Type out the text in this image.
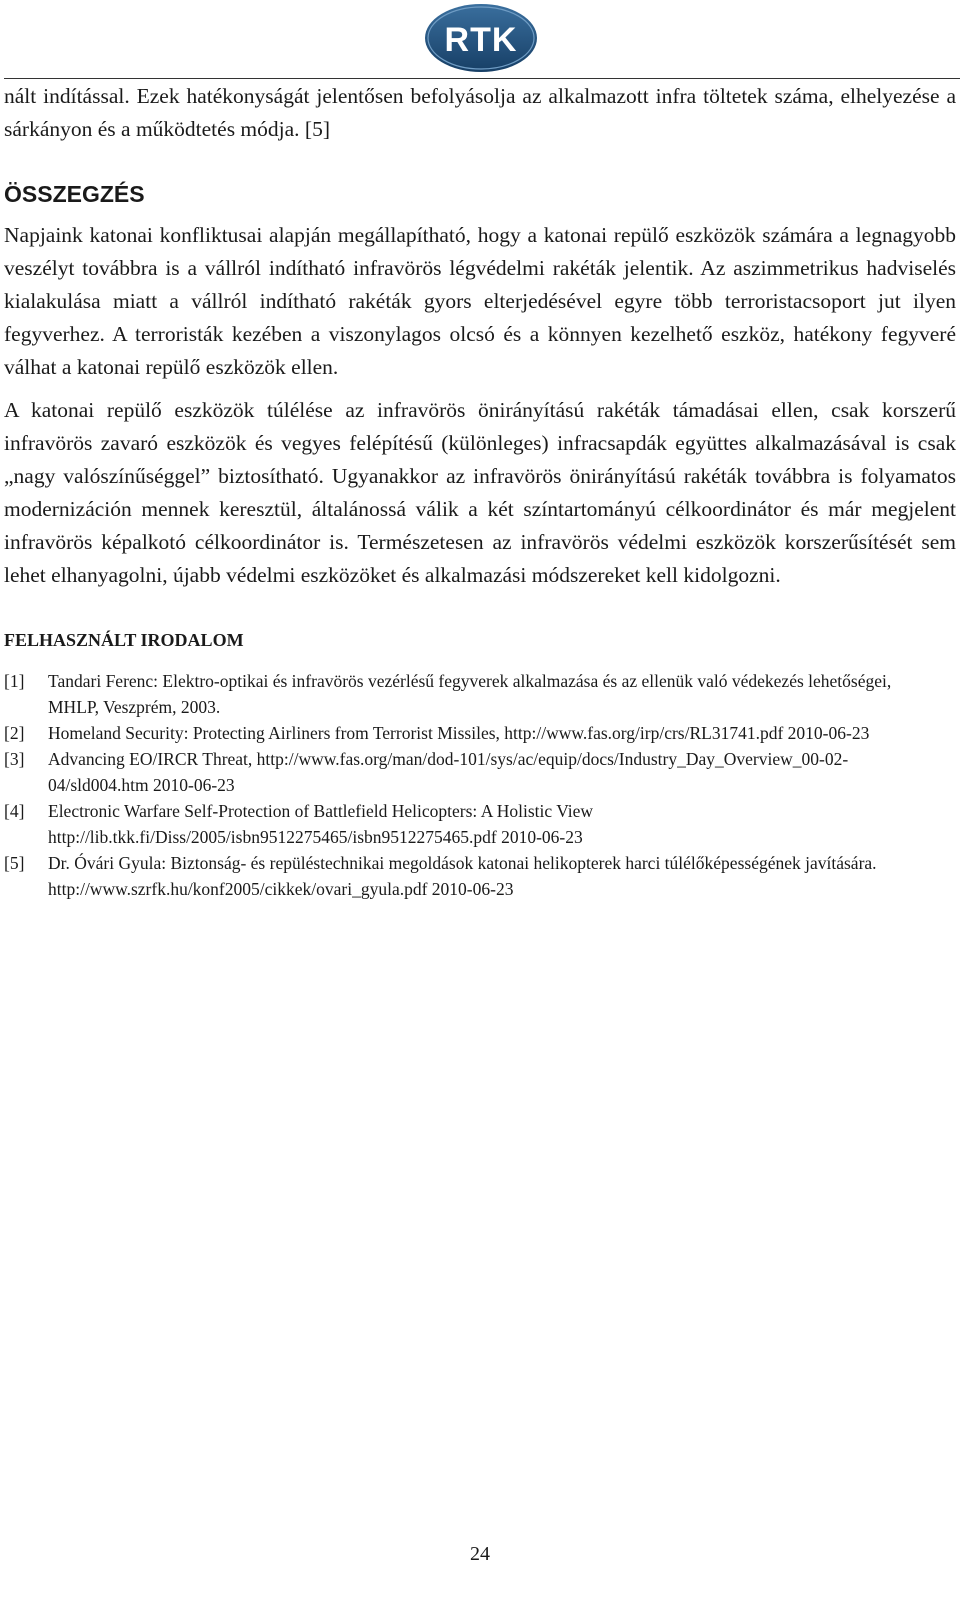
RTK

nált indítással. Ezek hatékonyságát jelentősen befolyásolja az alkalmazott infra töltetek száma, elhelyezése a sárkányon és a működtetés módja. [5]

ÖSSZEGZÉS

Napjaink katonai konfliktusai alapján megállapítható, hogy a katonai repülő eszközök számára a legnagyobb veszélyt továbbra is a vállról indítható infravörös légvédelmi rakéták jelentik. Az aszimmetrikus hadviselés kialakulása miatt a vállról indítható rakéták gyors elterjedésével egyre több terroristacsoport jut ilyen fegyverhez. A terroristák kezében a viszonylagos olcsó és a könnyen kezelhető eszköz, hatékony fegyveré válhat a katonai repülő eszközök ellen.

A katonai repülő eszközök túlélése az infravörös önirányítású rakéták támadásai ellen, csak korszerű infravörös zavaró eszközök és vegyes felépítésű (különleges) infracsapdák együttes alkalmazásával is csak „nagy valószínűséggel” biztosítható. Ugyanakkor az infravörös önirányítású rakéták továbbra is folyamatos modernizáción mennek keresztül, általánossá válik a két színtartományú célkoordinátor és már megjelent infravörös képalkotó célkoordinátor is. Természetesen az infravörös védelmi eszközök korszerűsítését sem lehet elhanyagolni, újabb védelmi eszközöket és alkalmazási módszereket kell kidolgozni.

FELHASZNÁLT IRODALOM
[1] Tandari Ferenc: Elektro-optikai és infravörös vezérlésű fegyverek alkalmazása és az ellenük való védekezés lehetőségei, MHLP, Veszprém, 2003.
[2] Homeland Security: Protecting Airliners from Terrorist Missiles, http://www.fas.org/irp/crs/RL31741.pdf 2010-06-23
[3] Advancing EO/IRCR Threat, http://www.fas.org/man/dod-101/sys/ac/equip/docs/Industry_Day_Overview_00-02-04/sld004.htm 2010-06-23
[4] Electronic Warfare Self-Protection of Battlefield Helicopters: A Holistic View http://lib.tkk.fi/Diss/2005/isbn9512275465/isbn9512275465.pdf 2010-06-23
[5] Dr. Óvári Gyula: Biztonság- és repüléstechnikai megoldások katonai helikopterek harci túlélőképességének javítására. http://www.szrfk.hu/konf2005/cikkek/ovari_gyula.pdf 2010-06-23
24
